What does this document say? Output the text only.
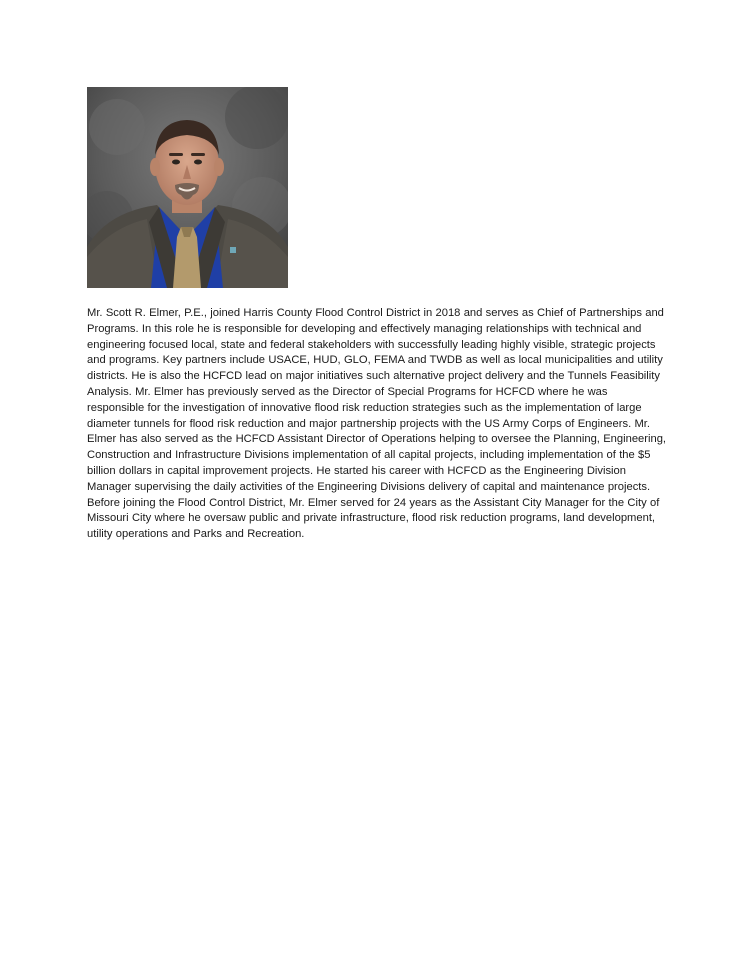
Mr. Scott R. Elmer, P.E., joined Harris County Flood Control District in 2018 and serves as Chief of Partnerships and Programs. In this role he is responsible for developing and effectively managing relationships with technical and engineering focused local, state and federal stakeholders with successfully leading highly visible, strategic projects and programs. Key partners include USACE, HUD, GLO, FEMA and TWDB as well as local municipalities and utility districts. He is also the HCFCD lead on major initiatives such alternative project delivery and the Tunnels Feasibility Analysis. Mr. Elmer has previously served as the Director of Special Programs for HCFCD where he was responsible for the investigation of innovative flood risk reduction strategies such as the implementation of large diameter tunnels for flood risk reduction and major partnership projects with the US Army Corps of Engineers. Mr. Elmer has also served as the HCFCD Assistant Director of Operations helping to oversee the Planning, Engineering, Construction and Infrastructure Divisions implementation of all capital projects, including implementation of the $5 billion dollars in capital improvement projects. He started his career with HCFCD as the Engineering Division Manager supervising the daily activities of the Engineering Divisions delivery of capital and maintenance projects. Before joining the Flood Control District, Mr. Elmer served for 24 years as the Assistant City Manager for the City of Missouri City where he oversaw public and private infrastructure, flood risk reduction programs, land development, utility operations and Parks and Recreation.
